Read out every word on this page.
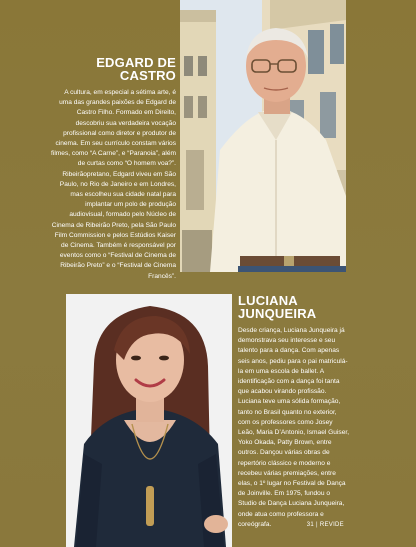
EDGARD DE
CASTRO

A cultura, em especial a sétima arte, é uma das grandes paixões de Edgard de Castro Filho. Formado em Direito, descobriu sua verdadeira vocação profissional como diretor e produtor de cinema. Em seu currículo constam vários filmes, como “A Carne”, e “Paranoia”, além de curtas como “O homem voa?”. Ribeirãopretano, Edgard viveu em São Paulo, no Rio de Janeiro e em Londres, mas escolheu sua cidade natal para implantar um polo de produção audiovisual, formado pelo Núcleo de Cinema de Ribeirão Preto, pela São Paulo Film Commission e pelos Estúdios Kaiser de Cinema. Também é responsável por eventos como o “Festival de Cinema de Ribeirão Preto” e o “Festival de Cinema Francês”.

LUCIANA
JUNQUEIRA

Desde criança, Luciana Junqueira já demonstrava seu interesse e seu talento para a dança. Com apenas seis anos, pediu para o pai matriculá-la em uma escola de ballet. A identificação com a dança foi tanta que acabou virando profissão. Luciana teve uma sólida formação, tanto no Brasil quanto no exterior, com os professores como Josey Leão, Maria D’Antonio, Ismael Guiser, Yoko Okada, Patty Brown, entre outros. Dançou várias obras de repertório clássico e moderno e recebeu várias premiações, entre elas, o 1º lugar no Festival de Dança de Joinville. Em 1975, fundou o Studio de Dança Luciana Junqueira, onde atua como professora e coreógrafa.	31 | REVIDE
